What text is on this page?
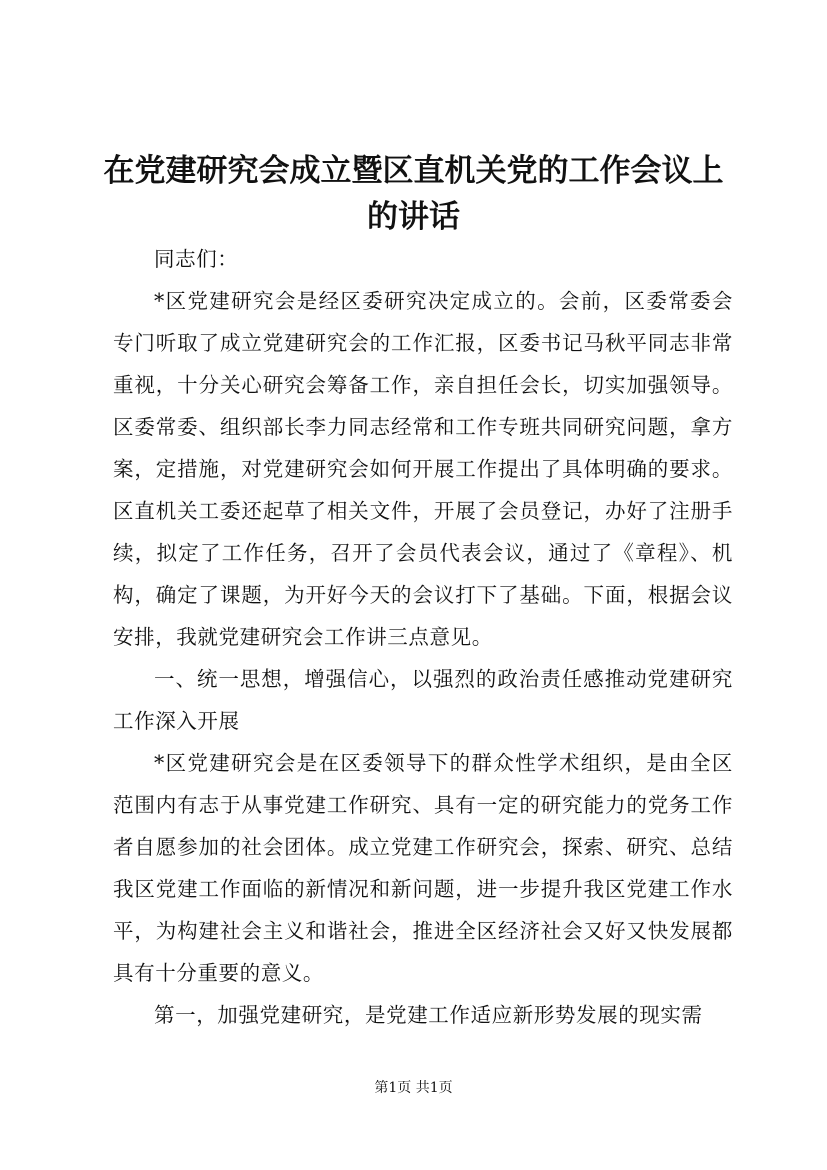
在党建研究会成立暨区直机关党的工作会议上的讲话

同志们：

*区党建研究会是经区委研究决定成立的。会前，区委常委会专门听取了成立党建研究会的工作汇报，区委书记马秋平同志非常重视，十分关心研究会筹备工作，亲自担任会长，切实加强领导。区委常委、组织部长李力同志经常和工作专班共同研究问题，拿方案，定措施，对党建研究会如何开展工作提出了具体明确的要求。区直机关工委还起草了相关文件，开展了会员登记，办好了注册手续，拟定了工作任务，召开了会员代表会议，通过了《章程》、机构，确定了课题，为开好今天的会议打下了基础。下面，根据会议安排，我就党建研究会工作讲三点意见。

一、统一思想，增强信心，以强烈的政治责任感推动党建研究工作深入开展

*区党建研究会是在区委领导下的群众性学术组织，是由全区范围内有志于从事党建工作研究、具有一定的研究能力的党务工作者自愿参加的社会团体。成立党建工作研究会，探索、研究、总结我区党建工作面临的新情况和新问题，进一步提升我区党建工作水平，为构建社会主义和谐社会，推进全区经济社会又好又快发展都具有十分重要的意义。

第一，加强党建研究，是党建工作适应新形势发展的现实需

第1页 共1页
